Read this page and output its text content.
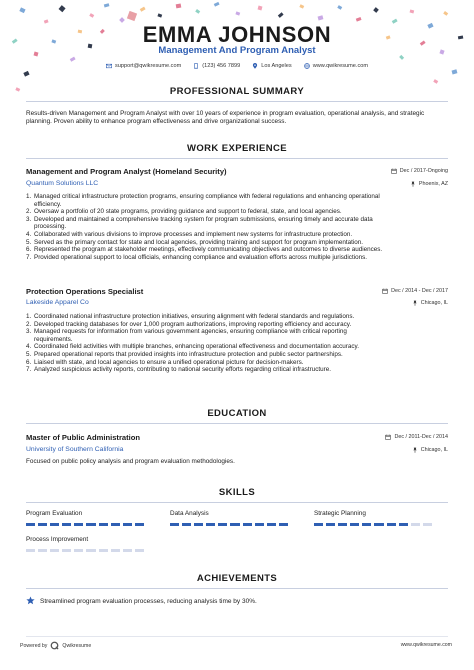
EMMA JOHNSON
Management And Program Analyst
support@qwikresume.com	(123) 456 7899	Los Angeles	www.qwikresume.com
PROFESSIONAL SUMMARY
Results-driven Management and Program Analyst with over 10 years of experience in program evaluation, operational analysis, and strategic planning. Proven ability to enhance program effectiveness and drive organizational success.
WORK EXPERIENCE
Management and Program Analyst (Homeland Security)	Dec / 2017-Ongoing
Quantum Solutions LLC	Phoenix, AZ
1. Managed critical infrastructure protection programs, ensuring compliance with federal regulations and enhancing operational
efficiency.
2. Oversaw a portfolio of 20 state programs, providing guidance and support to federal, state, and local agencies.
3. Developed and maintained a comprehensive tracking system for program submissions, ensuring timely and accurate data
processing.
4. Collaborated with various divisions to improve processes and implement new systems for infrastructure protection.
5. Served as the primary contact for state and local agencies, providing training and support for program implementation.
6. Represented the program at stakeholder meetings, effectively communicating objectives and outcomes to diverse audiences.
7. Provided operational support to local officials, enhancing compliance and evaluation efforts across multiple jurisdictions.
Protection Operations Specialist	Dec / 2014 - Dec / 2017
Lakeside Apparel Co	Chicago, IL
1. Coordinated national infrastructure protection initiatives, ensuring alignment with federal standards and regulations.
2. Developed tracking databases for over 1,000 program authorizations, improving reporting efficiency and accuracy.
3. Managed requests for information from various government agencies, ensuring compliance with critical reporting
requirements.
4. Coordinated field activities with multiple branches, enhancing operational effectiveness and documentation accuracy.
5. Prepared operational reports that provided insights into infrastructure protection and public sector partnerships.
6. Liaised with state, and local agencies to ensure a unified operational picture for decision-makers.
7. Analyzed suspicious activity reports, contributing to national security efforts regarding critical infrastructure.
EDUCATION
Master of Public Administration	Dec / 2011-Dec / 2014
University of Southern California	Chicago, IL
Focused on public policy analysis and program evaluation methodologies.
SKILLS
Program Evaluation	Data Analysis	Strategic Planning
Process Improvement
ACHIEVEMENTS
Streamlined program evaluation processes, reducing analysis time by 30%.
Powered by	Qwikresume	www.qwikresume.com
